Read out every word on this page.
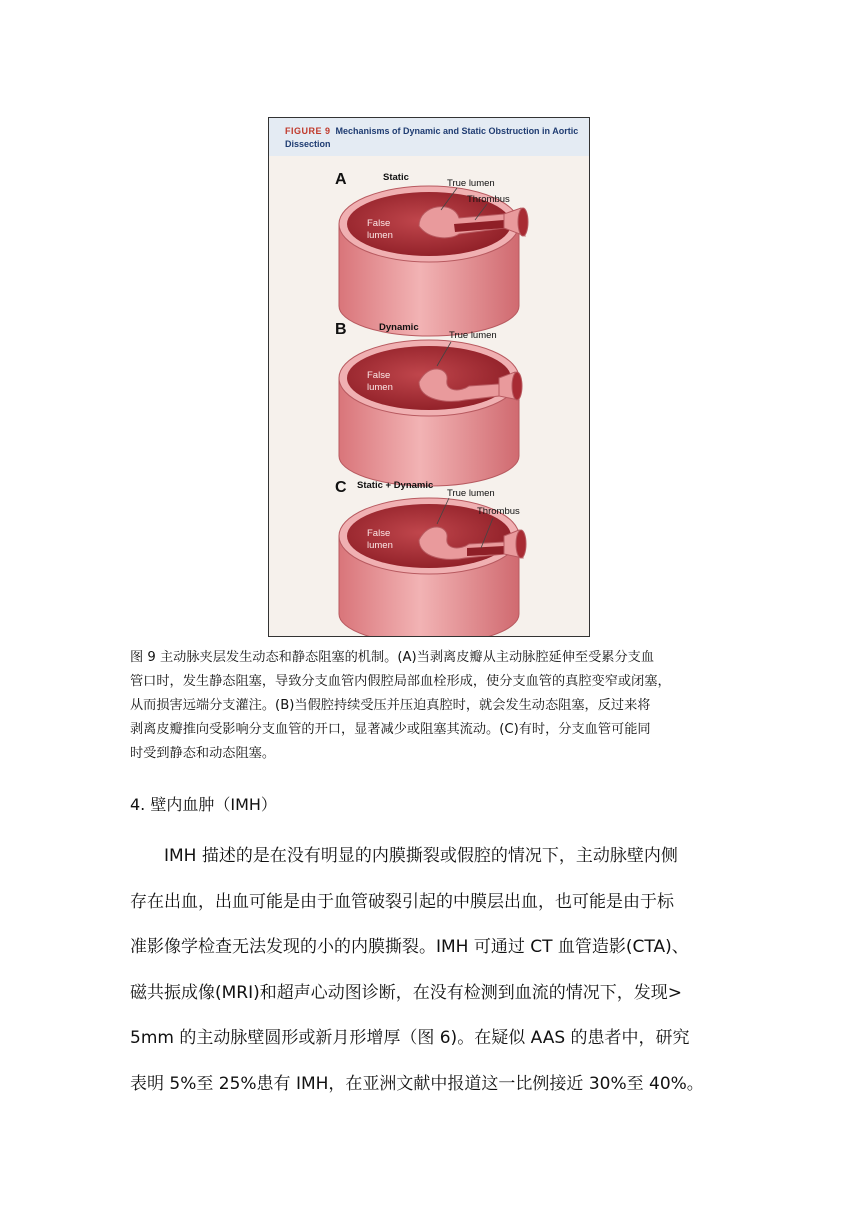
FIGURE 9 Mechanisms of Dynamic and Static Obstruction in Aortic Dissection
A	Static
True lumen
Thrombus
False
lumen
B	Dynamic
True lumen
False
lumen
C Static + Dynamic
True lumen
Thrombus
False
lumen
图 9 主动脉夹层发生动态和静态阻塞的机制。(A)当剥离皮瓣从主动脉腔延伸至受累分支血
管口时，发生静态阻塞，导致分支血管内假腔局部血栓形成，使分支血管的真腔变窄或闭塞，
从而损害远端分支灌注。(B)当假腔持续受压并压迫真腔时，就会发生动态阻塞，反过来将
剥离皮瓣推向受影响分支血管的开口，显著减少或阻塞其流动。(C)有时，分支血管可能同
时受到静态和动态阻塞。
4. 壁内血肿（IMH）
IMH 描述的是在没有明显的内膜撕裂或假腔的情况下，主动脉壁内侧
存在出血，出血可能是由于血管破裂引起的中膜层出血，也可能是由于标
准影像学检查无法发现的小的内膜撕裂。IMH 可通过 CT 血管造影(CTA)、
磁共振成像(MRI)和超声心动图诊断，在没有检测到血流的情况下，发现>
5mm 的主动脉壁圆形或新月形增厚（图 6)。在疑似 AAS 的患者中，研究
表明 5%至 25%患有 IMH，在亚洲文献中报道这一比例接近 30%至 40%。
